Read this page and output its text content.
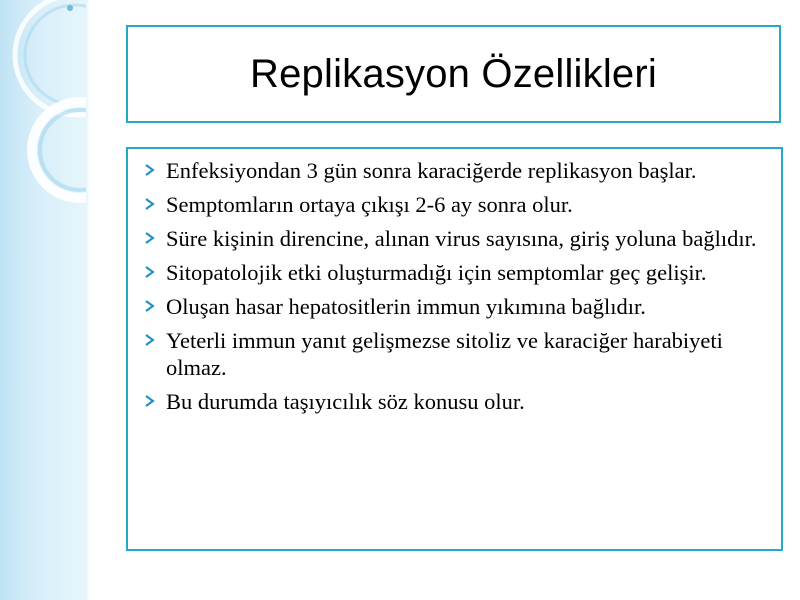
Replikasyon Özellikleri
Enfeksiyondan 3 gün sonra karaciğerde replikasyon başlar.
Semptomların ortaya çıkışı 2-6 ay sonra olur.
Süre kişinin direncine, alınan virus sayısına, giriş yoluna bağlıdır.
Sitopatolojik etki oluşturmadığı için semptomlar geç gelişir.
Oluşan hasar hepatositlerin immun yıkımına bağlıdır.
Yeterli immun yanıt gelişmezse sitoliz ve karaciğer harabiyeti olmaz.
Bu durumda taşıyıcılık söz konusu olur.
